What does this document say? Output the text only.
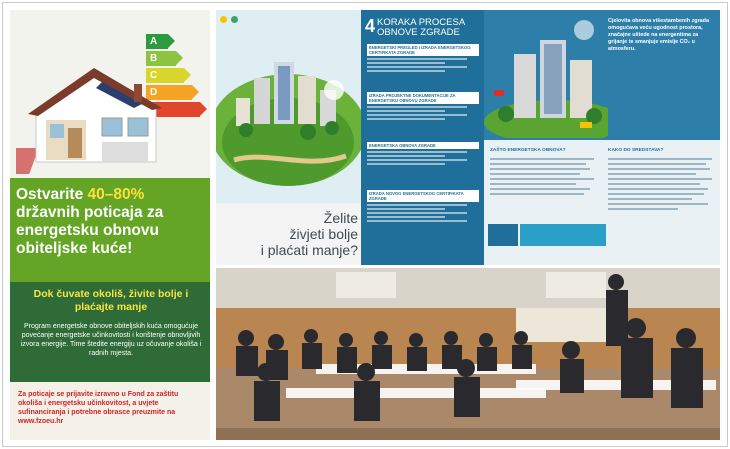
A
B
C
D
Ostvarite 40–80% državnih poticaja za energetsku obnovu obiteljske kuće!
Dok čuvate okoliš, živite bolje i plaćajte manje
Program energetske obnove obiteljskih kuća omogućuje povećanje energetske učinkovitosti i korištenje obnovljivih izvora energije. Time štedite energiju uz očuvanje okoliša i radnih mjesta.
Za poticaje se prijavite izravno u Fond za zaštitu okoliša i energetsku učinkovitost, a uvjete sufinanciranja i potrebne obrasce preuzmite na www.fzoeu.hr
Želite
živjeti bolje
i plaćati manje?
4 KORAKA PROCESA
OBNOVE ZGRADE
ENERGETSKI PREGLED I IZRADA ENERGETSKOG CERTIFIKATA ZGRADE
IZRADA PROJEKTNE DOKUMENTACIJE ZA ENERGETSKU OBNOVU ZGRADE
ENERGETSKA OBNOVA ZGRADE
IZRADA NOVOG ENERGETSKOG CERTIFIKATA ZGRADE
Cjelovita obnova višestambenih zgrada omogućava veću ugodnost prostora, značajne uštede na energentima za grijanje te smanjuje emisije CO₂ u atmosferu.
ZAŠTO ENERGETSKA OBNOVA?	KAKO DO SREDSTAVA?
